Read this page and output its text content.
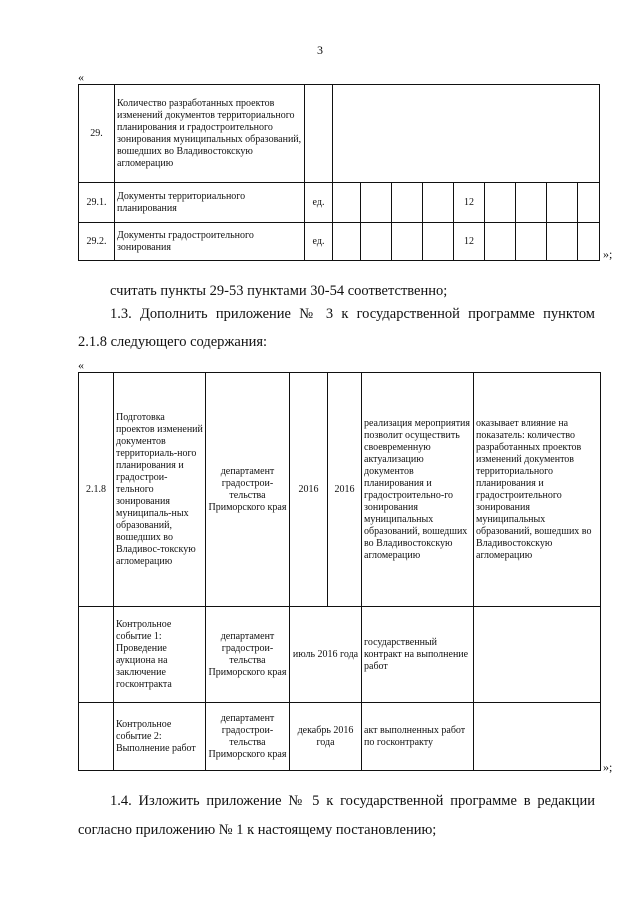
3
«
29.	Количество разработанных проектов изменений документов территориального планирования и градостроительного зонирования муниципальных образований, вошедших во Владивостокскую агломерацию										
29.1.	Документы территориального планирования	ед.					12				
29.2.	Документы градостроительного зонирования	ед.					12				
»;
считать пункты 29-53 пунктами 30-54 соответственно;
1.3. Дополнить приложение № 3 к государственной программе пунктом
2.1.8 следующего содержания:
«
2.1.8	Подготовка проектов изменений документов территориаль-ного планирования и градострои-тельного зонирования муниципаль-ных образований, вошедших во Владивос-токскую агломерацию	департамент градострои-тельства Приморского края	2016	2016	реализация мероприятия позволит осуществить своевременную актуализацию документов планирования и градостроительно-го зонирования муниципальных образований, вошедших во Владивостокскую агломерацию	оказывает влияние на показатель: количество разработанных проектов изменений документов территориального планирования и градостроительного зонирования муниципальных образований, вошедших во Владивостокскую агломерацию
	Контрольное событие 1: Проведение аукциона на заключение госконтракта	департамент градострои-тельства Приморского края	июль 2016 года		государственный контракт на выполнение работ	
	Контрольное событие 2: Выполнение работ	департамент градострои-тельства Приморского края	декабрь 2016 года		акт выполненных работ по госконтракту	
»;
1.4. Изложить приложение № 5 к государственной программе в редакции
согласно приложению № 1 к настоящему постановлению;
